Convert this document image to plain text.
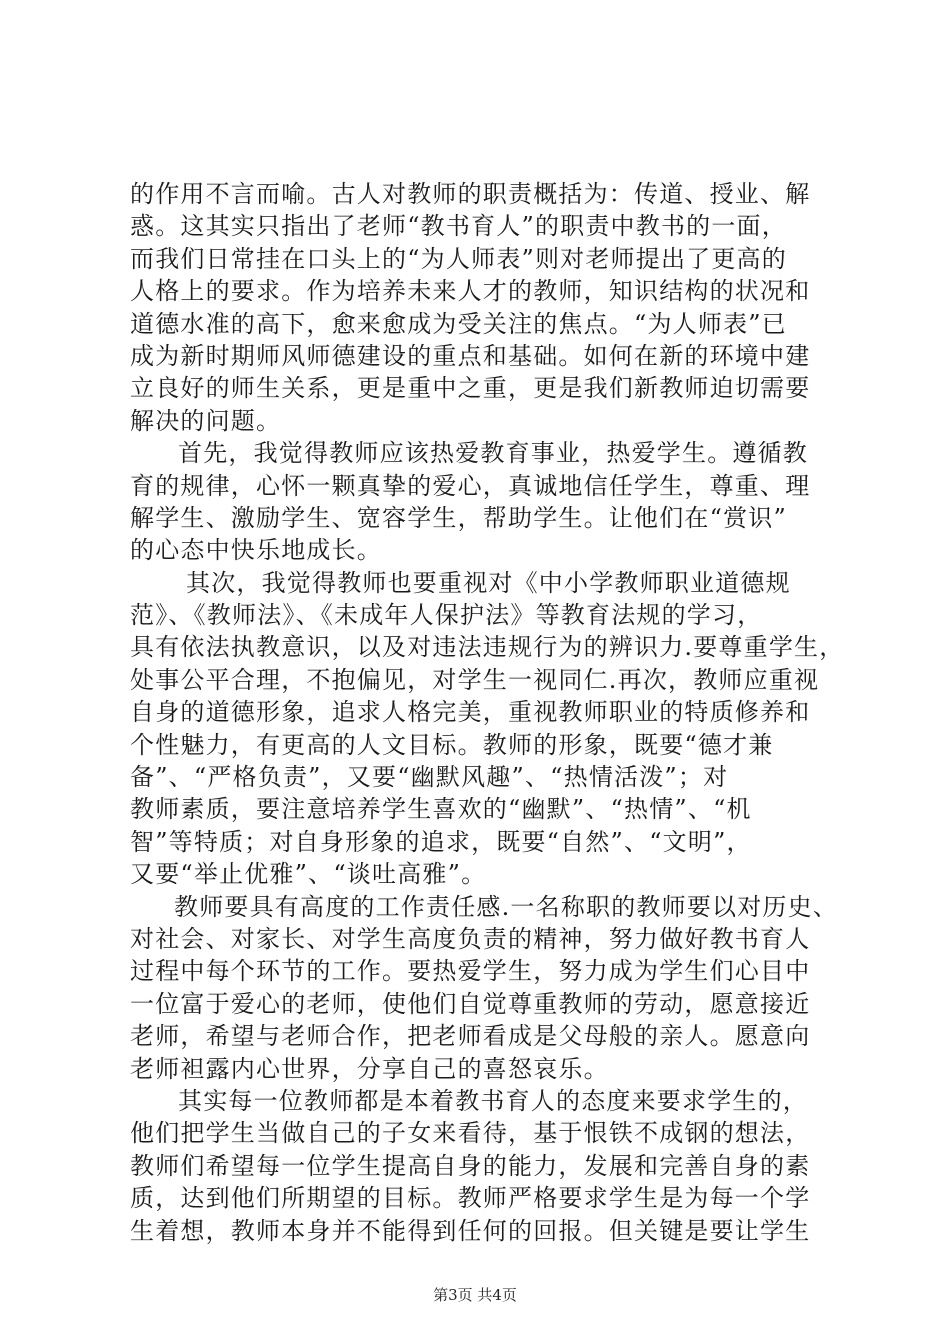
的作用不言而喻。古人对教师的职责概括为：传道、授业、解
惑。这其实只指出了老师“教书育人”的职责中教书的一面，
而我们日常挂在口头上的“为人师表”则对老师提出了更高的
人格上的要求。作为培养未来人才的教师，知识结构的状况和
道德水准的高下，愈来愈成为受关注的焦点。“为人师表”已
成为新时期师风师德建设的重点和基础。如何在新的环境中建
立良好的师生关系，更是重中之重，更是我们新教师迫切需要
解决的问题。
首先，我觉得教师应该热爱教育事业，热爱学生。遵循教
育的规律，心怀一颗真挚的爱心，真诚地信任学生，尊重、理
解学生、激励学生、宽容学生，帮助学生。让他们在“赏识”
的心态中快乐地成长。
其次，我觉得教师也要重视对《中小学教师职业道德规
范》、《教师法》、《未成年人保护法》等教育法规的学习，
具有依法执教意识，以及对违法违规行为的辨识力.要尊重学生，
处事公平合理，不抱偏见，对学生一视同仁.再次，教师应重视
自身的道德形象，追求人格完美，重视教师职业的特质修养和
个性魅力，有更高的人文目标。教师的形象，既要“德才兼
备”、“严格负责”，又要“幽默风趣”、“热情活泼”；对
教师素质，要注意培养学生喜欢的“幽默”、“热情”、“机
智”等特质；对自身形象的追求，既要“自然”、“文明”，
又要“举止优雅”、“谈吐高雅”。
教师要具有高度的工作责任感.一名称职的教师要以对历史、
对社会、对家长、对学生高度负责的精神，努力做好教书育人
过程中每个环节的工作。要热爱学生，努力成为学生们心目中
一位富于爱心的老师，使他们自觉尊重教师的劳动，愿意接近
老师，希望与老师合作，把老师看成是父母般的亲人。愿意向
老师袒露内心世界，分享自己的喜怒哀乐。
其实每一位教师都是本着教书育人的态度来要求学生的，
他们把学生当做自己的子女来看待，基于恨铁不成钢的想法，
教师们希望每一位学生提高自身的能力，发展和完善自身的素
质，达到他们所期望的目标。教师严格要求学生是为每一个学
生着想，教师本身并不能得到任何的回报。但关键是要让学生
第3页 共4页
